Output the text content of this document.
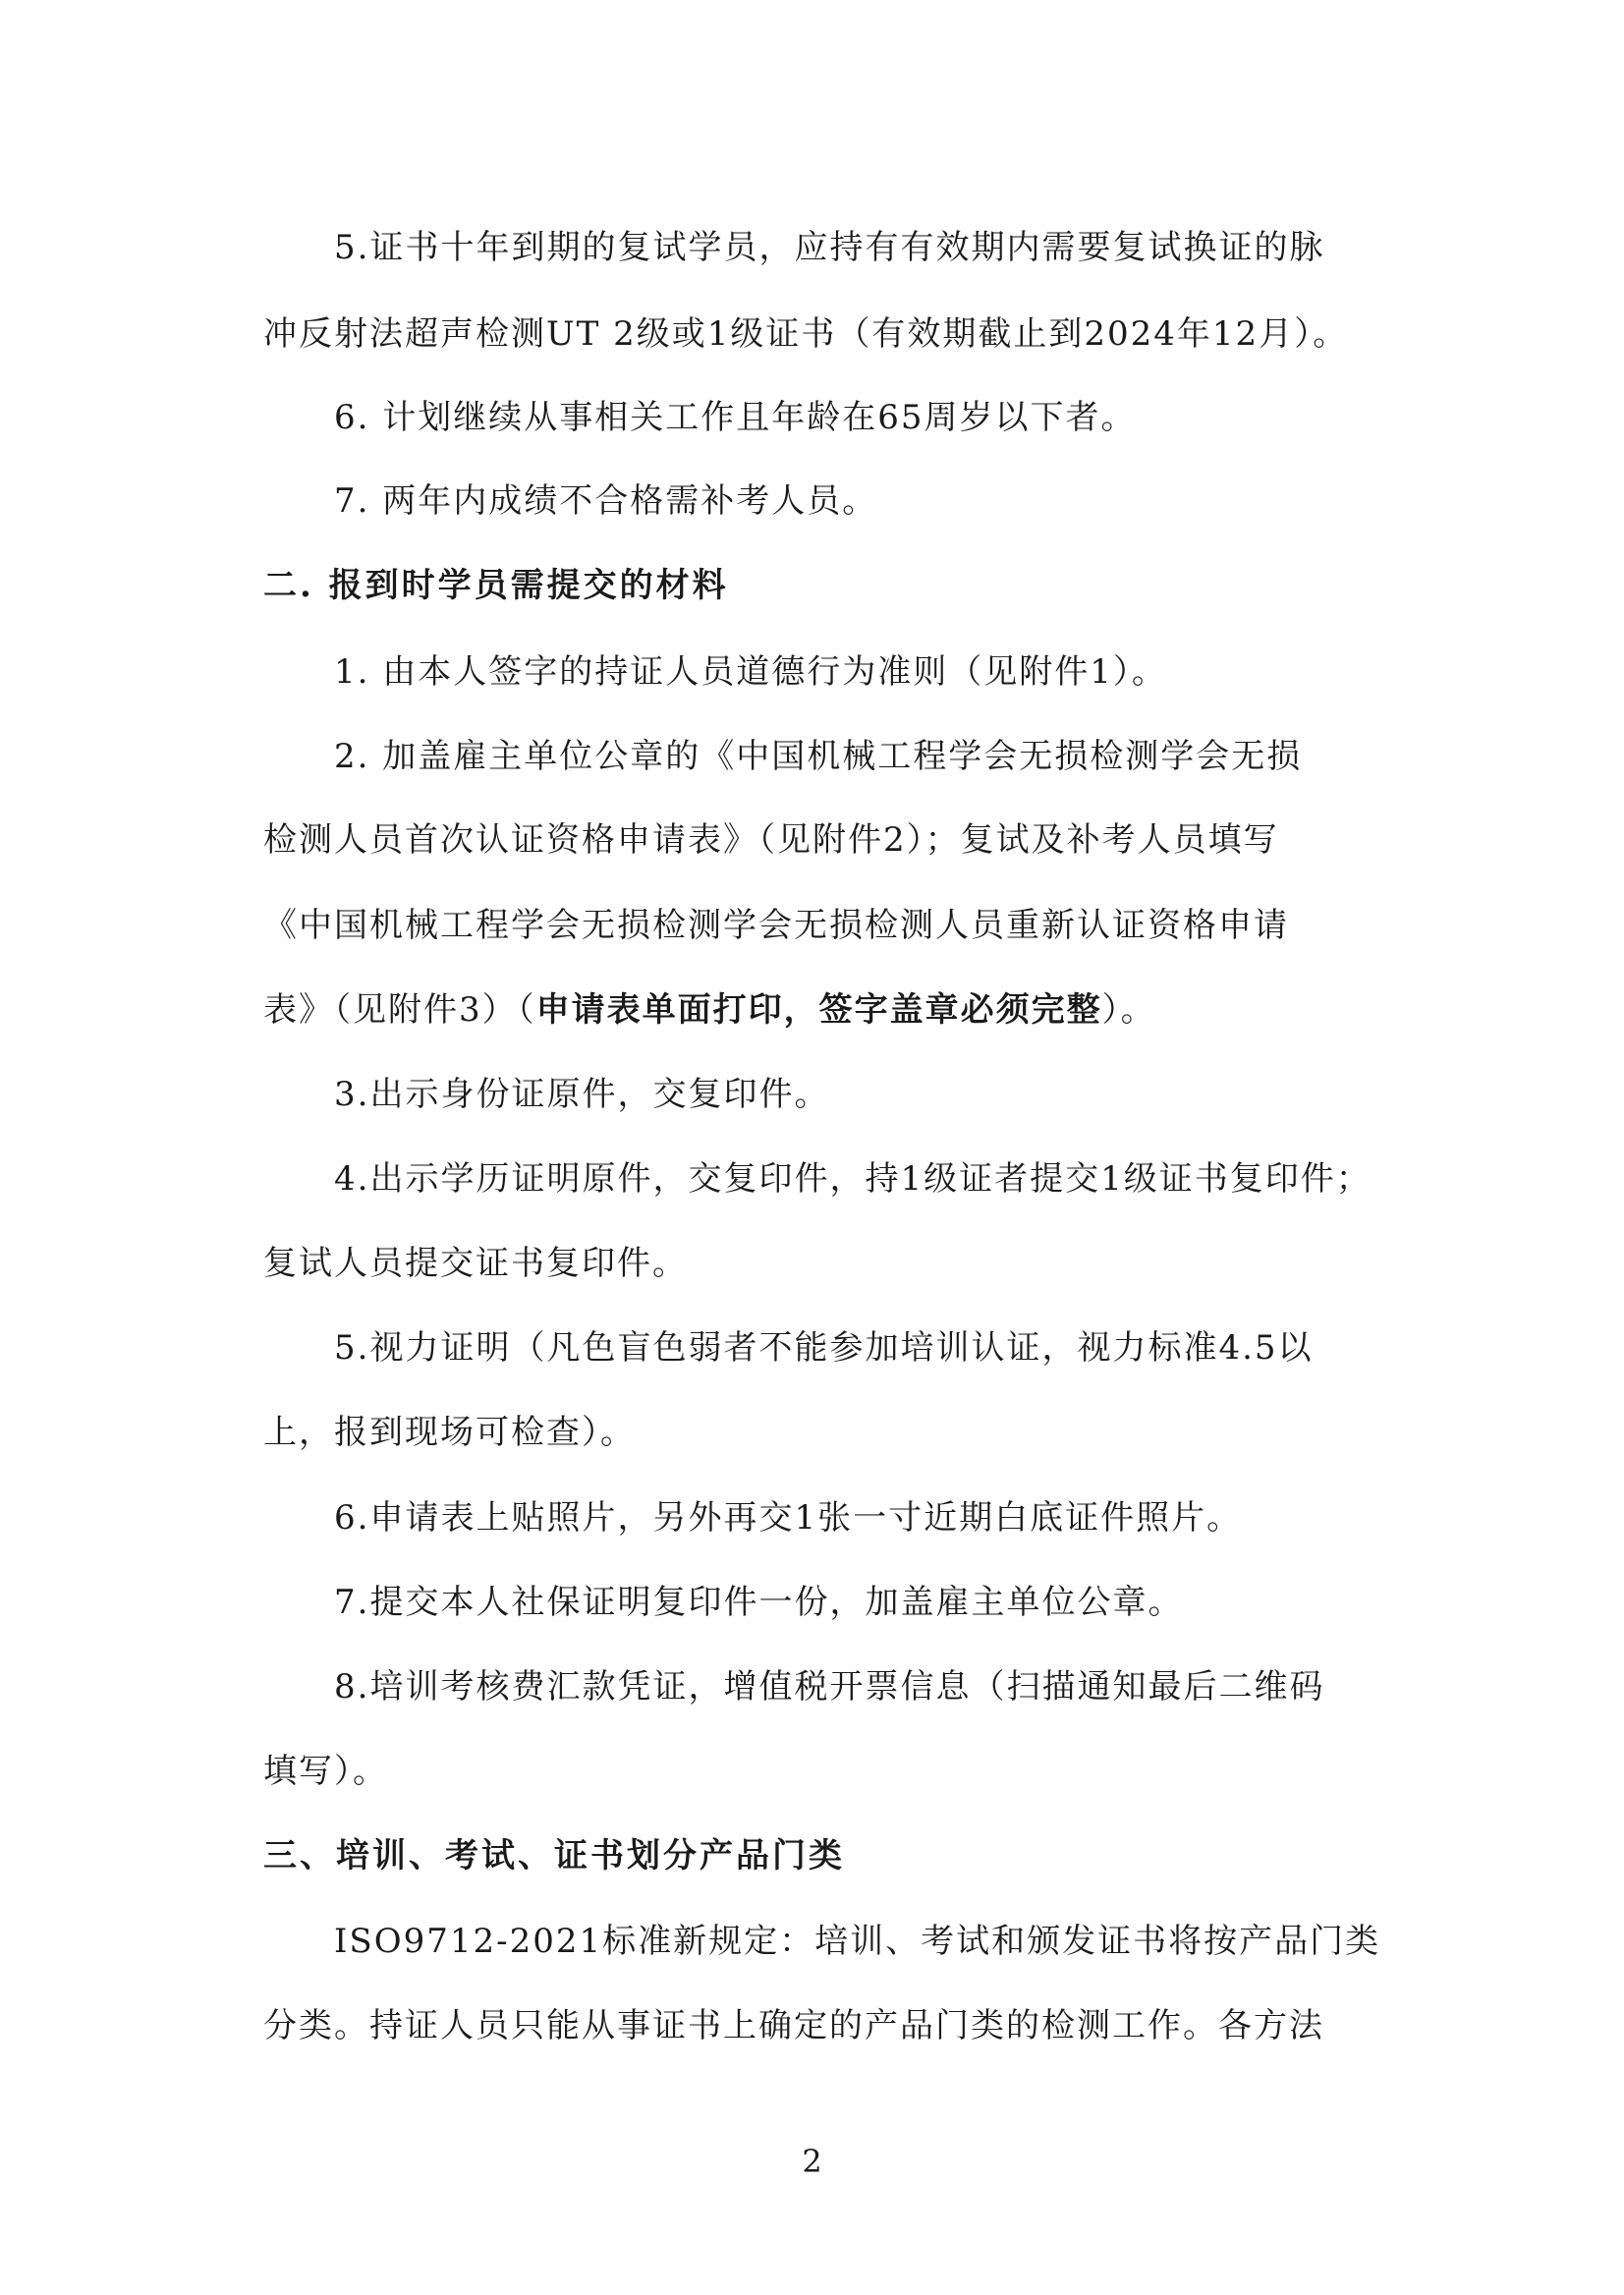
5.证书十年到期的复试学员，应持有有效期内需要复试换证的脉
冲反射法超声检测UT 2级或1级证书（有效期截止到2024年12月）。
6. 计划继续从事相关工作且年龄在65周岁以下者。
7. 两年内成绩不合格需补考人员。
二. 报到时学员需提交的材料
1. 由本人签字的持证人员道德行为准则（见附件1）。
2. 加盖雇主单位公章的《中国机械工程学会无损检测学会无损
检测人员首次认证资格申请表》（见附件2）；复试及补考人员填写
《中国机械工程学会无损检测学会无损检测人员重新认证资格申请
表》（见附件3）（申请表单面打印，签字盖章必须完整）。
3.出示身份证原件，交复印件。
4.出示学历证明原件，交复印件，持1级证者提交1级证书复印件；
复试人员提交证书复印件。
5.视力证明（凡色盲色弱者不能参加培训认证，视力标准4.5以
上，报到现场可检查）。
6.申请表上贴照片，另外再交1张一寸近期白底证件照片。
7.提交本人社保证明复印件一份，加盖雇主单位公章。
8.培训考核费汇款凭证，增值税开票信息（扫描通知最后二维码
填写）。
三、培训、考试、证书划分产品门类
ISO9712-2021标准新规定：培训、考试和颁发证书将按产品门类
分类。持证人员只能从事证书上确定的产品门类的检测工作。各方法
2
